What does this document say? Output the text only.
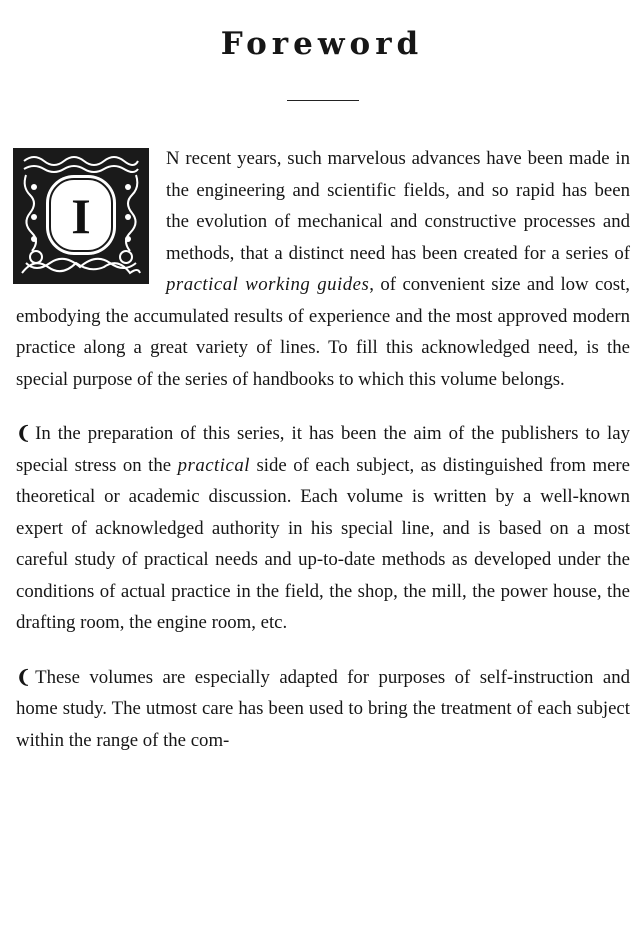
Foreword
I

N recent years, such marvelous advances have been made in the engineering and scientific fields, and so rapid has been the evolution of mechanical and constructive processes and methods, that a distinct need has been created for a series of practical working guides, of convenient size and low cost, embodying the accumulated results of experience and the most approved modern practice along a great variety of lines. To fill this acknowledged need, is the special purpose of the series of handbooks to which this volume belongs.

❨ In the preparation of this series, it has been the aim of the publishers to lay special stress on the practical side of each subject, as distinguished from mere theoretical or academic discussion. Each volume is written by a well-known expert of acknowledged authority in his special line, and is based on a most careful study of practical needs and up-to-date methods as developed under the conditions of actual practice in the field, the shop, the mill, the power house, the drafting room, the engine room, etc.

❨ These volumes are especially adapted for purposes of self-instruction and home study. The utmost care has been used to bring the treatment of each subject within the range of the com-
